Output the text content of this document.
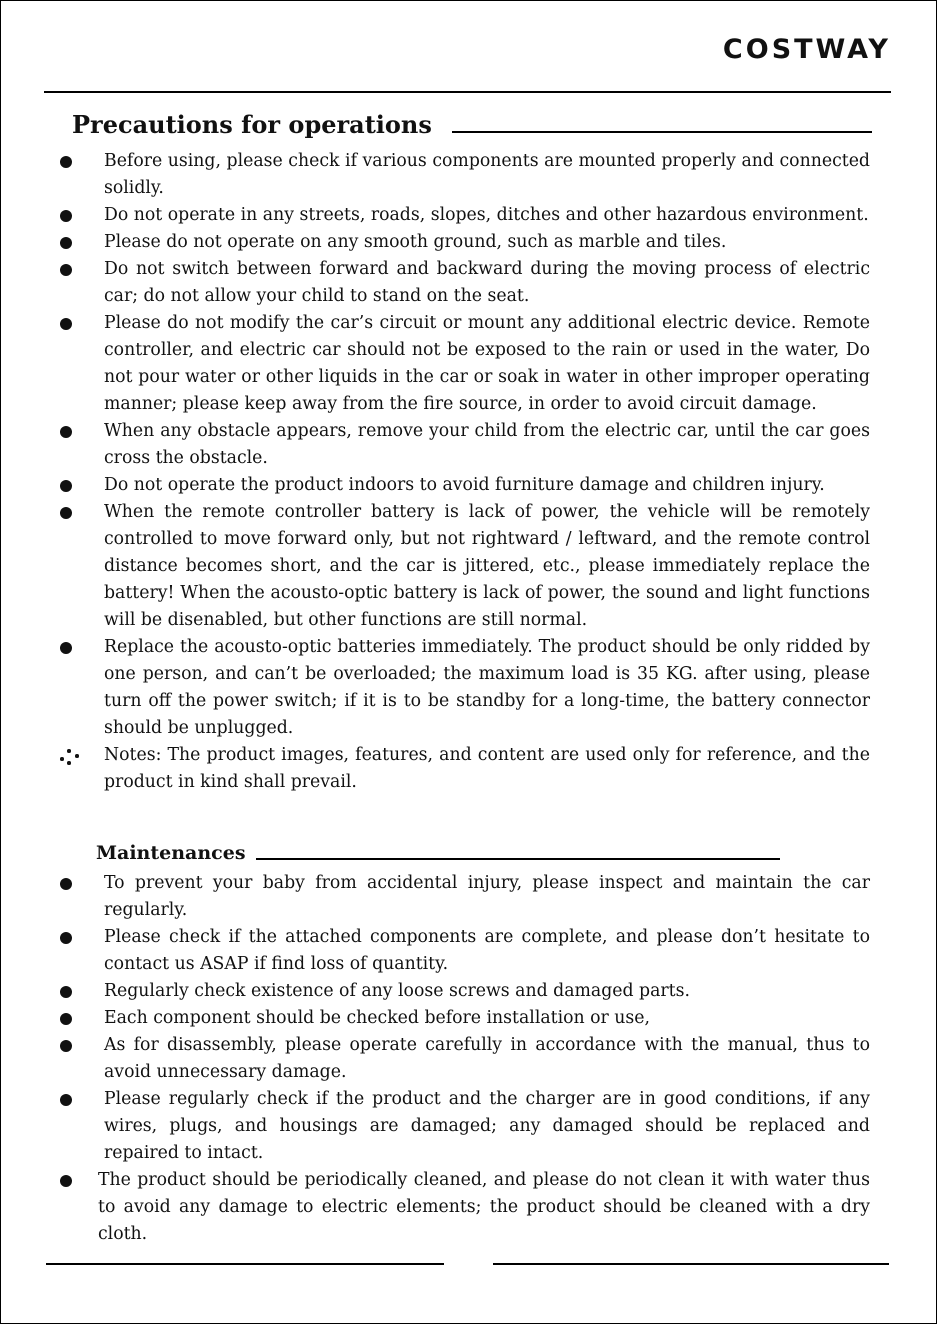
COSTWAY
Precautions for operations
Before using, please check if various components are mounted properly and connected solidly.
Do not operate in any streets, roads, slopes, ditches and other hazardous environment.
Please do not operate on any smooth ground, such as marble and tiles.
Do not switch between forward and backward during the moving process of electric car; do not allow your child to stand on the seat.
Please do not modify the car’s circuit or mount any additional electric device. Remote controller, and electric car should not be exposed to the rain or used in the water, Do not pour water or other liquids in the car or soak in water in other improper operating manner; please keep away from the fire source, in order to avoid circuit damage.
When any obstacle appears, remove your child from the electric car, until the car goes cross the obstacle.
Do not operate the product indoors to avoid furniture damage and children injury.
When the remote controller battery is lack of power, the vehicle will be remotely controlled to move forward only, but not rightward / leftward, and the remote control distance becomes short, and the car is jittered, etc., please immediately replace the battery! When the acousto-optic battery is lack of power, the sound and light functions will be disenabled, but other functions are still normal.
Replace the acousto-optic batteries immediately. The product should be only ridded by one person, and can’t be overloaded; the maximum load is 35 KG. after using, please turn off the power switch; if it is to be standby for a long-time, the battery connector should be unplugged.
Notes: The product images, features, and content are used only for reference, and the product in kind shall prevail.
Maintenances
To prevent your baby from accidental injury, please inspect and maintain the car regularly.
Please check if the attached components are complete, and please don’t hesitate to contact us ASAP if find loss of quantity.
Regularly check existence of any loose screws and damaged parts.
Each component should be checked before installation or use,
As for disassembly, please operate carefully in accordance with the manual, thus to avoid unnecessary damage.
Please regularly check if the product and the charger are in good conditions, if any wires, plugs, and housings are damaged; any damaged should be replaced and repaired to intact.
The product should be periodically cleaned, and please do not clean it with water thus to avoid any damage to electric elements; the product should be cleaned with a dry cloth.
